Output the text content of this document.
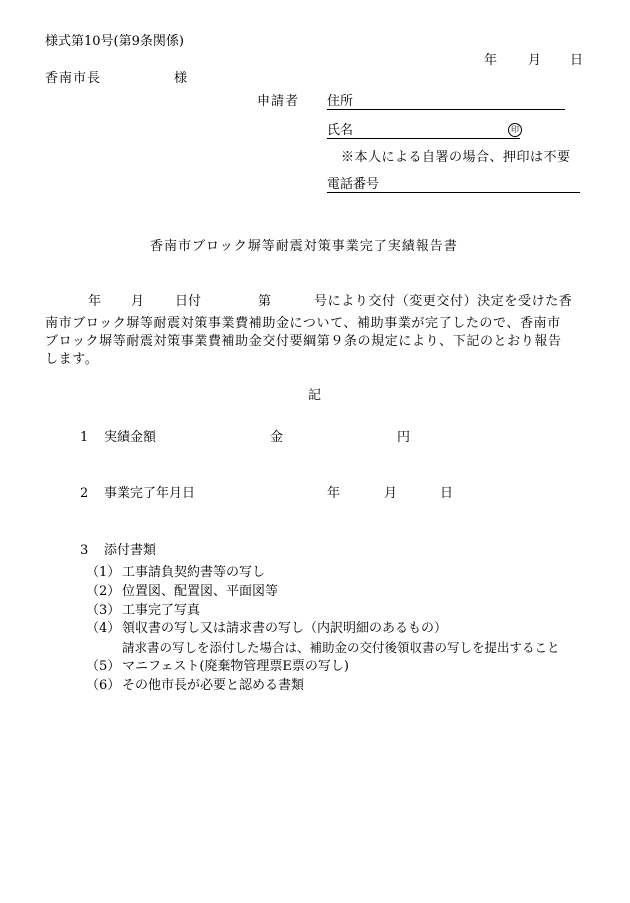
様式第10号(第9条関係)
年 月 日
香南市長	様
申請者 住所
氏名	印
※本人による自署の場合、押印は不要
電話番号
香南市ブロック塀等耐震対策事業完了実績報告書
年 月 日付	第	号により交付（変更交付）決定を受けた香
南市ブロック塀等耐震対策事業費補助金について、補助事業が完了したので、香南市
ブロック塀等耐震対策事業費補助金交付要綱第９条の規定により、下記のとおり報告
します。
記
1 実績金額	金	円
2 事業完了年月日	年	月	日
3 添付書類
（1） 工事請負契約書等の写し
（2） 位置図、配置図、平面図等
（3） 工事完了写真
（4） 領収書の写し又は請求書の写し（内訳明細のあるもの）
請求書の写しを添付した場合は、補助金の交付後領収書の写しを提出すること
（5） マニフェスト(廃棄物管理票E票の写し)
（6） その他市長が必要と認める書類
